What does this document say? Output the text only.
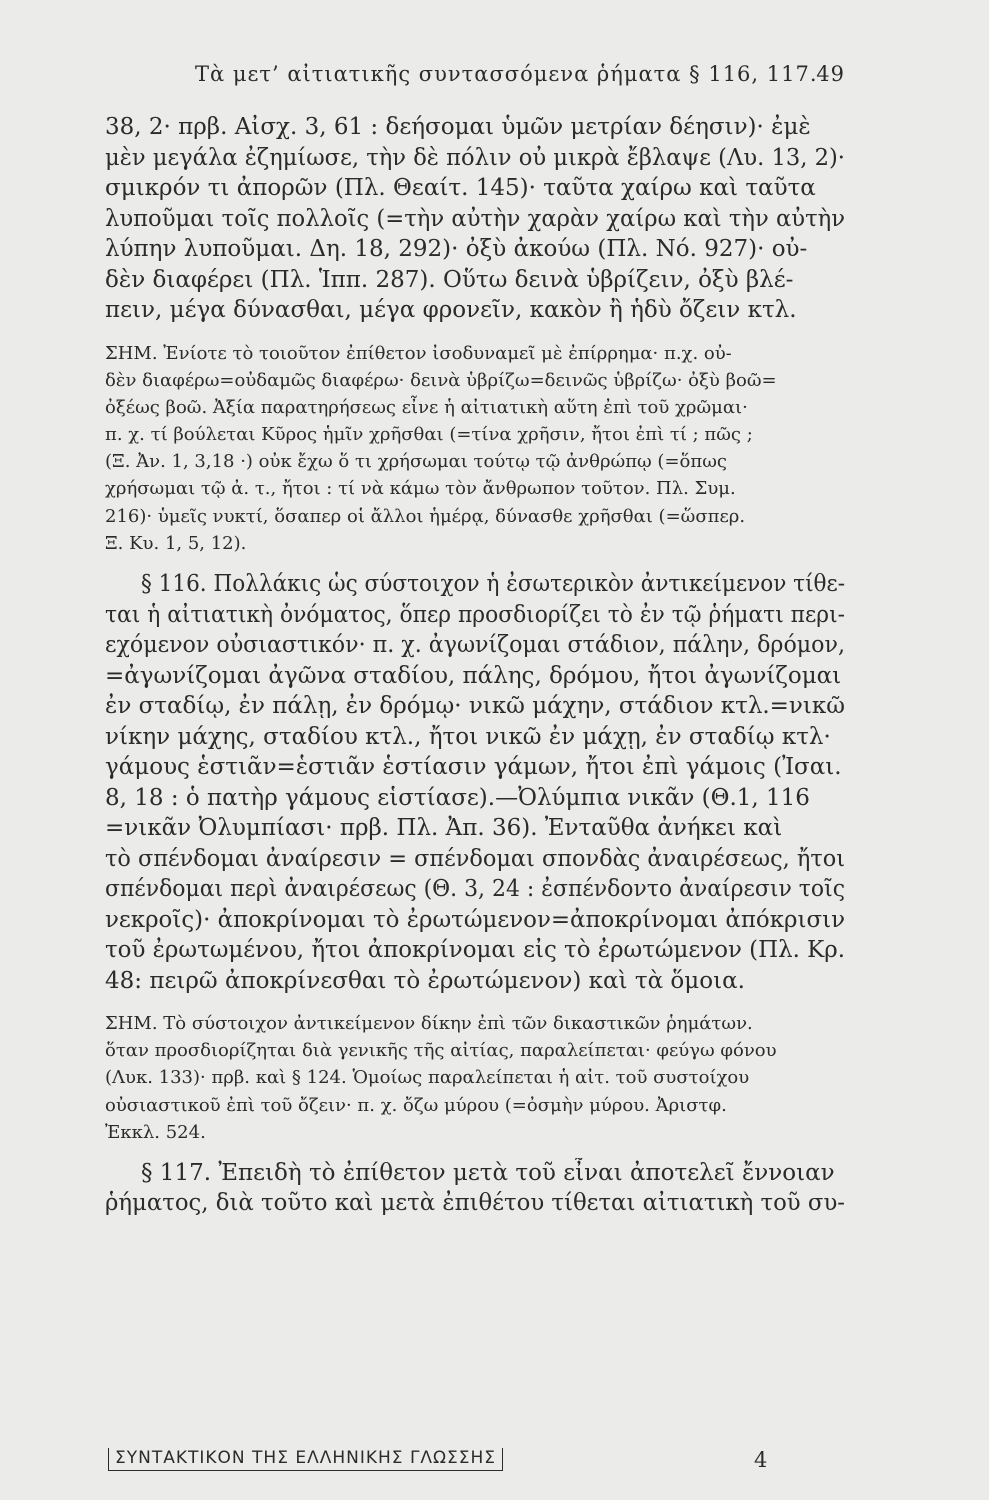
Τὰ μετ’ αἰτιατικῆς συντασσόμενα ῥήματα § 116, 117.
49
38, 2· πρβ. Αἰσχ. 3, 61 : δεήσομαι ὑμῶν μετρίαν δέησιν)· ἐμὲ
μὲν μεγάλα ἐζημίωσε, τὴν δὲ πόλιν οὐ μικρὰ ἔβλαψε (Λυ. 13, 2)·
σμικρόν τι ἀπορῶν (Πλ. Θεαίτ. 145)· ταῦτα χαίρω καὶ ταῦτα
λυποῦμαι τοῖς πολλοῖς (=τὴν αὐτὴν χαρὰν χαίρω καὶ τὴν αὐτὴν
λύπην λυποῦμαι. Δη. 18, 292)· ὀξὺ ἀκούω (Πλ. Νό. 927)· οὐ-
δὲν διαφέρει (Πλ. Ἱππ. 287). Οὕτω δεινὰ ὑβρίζειν, ὀξὺ βλέ-
πειν, μέγα δύνασθαι, μέγα φρονεῖν, κακὸν ἢ ἡδὺ ὄζειν κτλ.
ΣΗΜ. Ἐνίοτε τὸ τοιοῦτον ἐπίθετον ἰσοδυναμεῖ μὲ ἐπίρρημα· π.χ. οὐ-
δὲν διαφέρω=οὐδαμῶς διαφέρω· δεινὰ ὑβρίζω=δεινῶς ὑβρίζω· ὀξὺ βοῶ=
ὀξέως βοῶ. Ἀξία παρατηρήσεως εἶνε ἡ αἰτιατικὴ αὕτη ἐπὶ τοῦ χρῶμαι·
π. χ. τί βούλεται Κῦρος ἡμῖν χρῆσθαι (=τίνα χρῆσιν, ἤτοι ἐπὶ τί ; πῶς ;
(Ξ. Ἀν. 1, 3,18 ·) οὐκ ἔχω ὅ τι χρήσωμαι τούτῳ τῷ ἀνθρώπῳ (=ὅπως
χρήσωμαι τῷ ἀ. τ., ἤτοι : τί νὰ κάμω τὸν ἄνθρωπον τοῦτον. Πλ. Συμ.
216)· ὑμεῖς νυκτί, ὅσαπερ οἱ ἄλλοι ἡμέρᾳ, δύνασθε χρῆσθαι (=ὥσπερ.
Ξ. Κυ. 1, 5, 12).
§ 116. Πολλάκις ὡς σύστοιχον ἡ ἐσωτερικὸν ἀντικείμενον τίθε-
ται ἡ αἰτιατικὴ ὀνόματος, ὅπερ προσδιορίζει τὸ ἐν τῷ ῥήματι περι-
εχόμενον οὐσιαστικόν· π. χ. ἀγωνίζομαι στάδιον, πάλην, δρόμον,
=ἀγωνίζομαι ἀγῶνα σταδίου, πάλης, δρόμου, ἤτοι ἀγωνίζομαι
ἐν σταδίῳ, ἐν πάλῃ, ἐν δρόμῳ· νικῶ μάχην, στάδιον κτλ.=νικῶ
νίκην μάχης, σταδίου κτλ., ἤτοι νικῶ ἐν μάχῃ, ἐν σταδίῳ κτλ·
γάμους ἑστιᾶν=ἑστιᾶν ἑστίασιν γάμων, ἤτοι ἐπὶ γάμοις (Ἰσαι.
8, 18 : ὁ πατὴρ γάμους εἱστίασε).—Ὀλύμπια νικᾶν (Θ.1, 116
=νικᾶν Ὀλυμπίασι· πρβ. Πλ. Ἀπ. 36). Ἐνταῦθα ἀνήκει καὶ
τὸ σπένδομαι ἀναίρεσιν = σπένδομαι σπονδὰς ἀναιρέσεως, ἤτοι
σπένδομαι περὶ ἀναιρέσεως (Θ. 3, 24 : ἐσπένδοντο ἀναίρεσιν τοῖς
νεκροῖς)· ἀποκρίνομαι τὸ ἐρωτώμενον=ἀποκρίνομαι ἀπόκρισιν
τοῦ ἐρωτωμένου, ἤτοι ἀποκρίνομαι εἰς τὸ ἐρωτώμενον (Πλ. Κρ.
48: πειρῶ ἀποκρίνεσθαι τὸ ἐρωτώμενον) καὶ τὰ ὅμοια.
ΣΗΜ. Τὸ σύστοιχον ἀντικείμενον δίκην ἐπὶ τῶν δικαστικῶν ῥημάτων.
ὅταν προσδιορίζηται διὰ γενικῆς τῆς αἰτίας, παραλείπεται· φεύγω φόνου
(Λυκ. 133)· πρβ. καὶ § 124. Ὁμοίως παραλείπεται ἡ αἰτ. τοῦ συστοίχου
οὐσιαστικοῦ ἐπὶ τοῦ ὄζειν· π. χ. ὄζω μύρου (=ὀσμὴν μύρου. Ἀριστφ.
Ἐκκλ. 524.
§ 117. Ἐπειδὴ τὸ ἐπίθετον μετὰ τοῦ εἶναι ἀποτελεῖ ἔννοιαν
ῥήματος, διὰ τοῦτο καὶ μετὰ ἐπιθέτου τίθεται αἰτιατικὴ τοῦ συ-
ΣΥΝΤΑΚΤΙΚΟΝ ΤΗΣ ΕΛΛΗΝΙΚΗΣ ΓΛΩΣΣΗΣ	4
